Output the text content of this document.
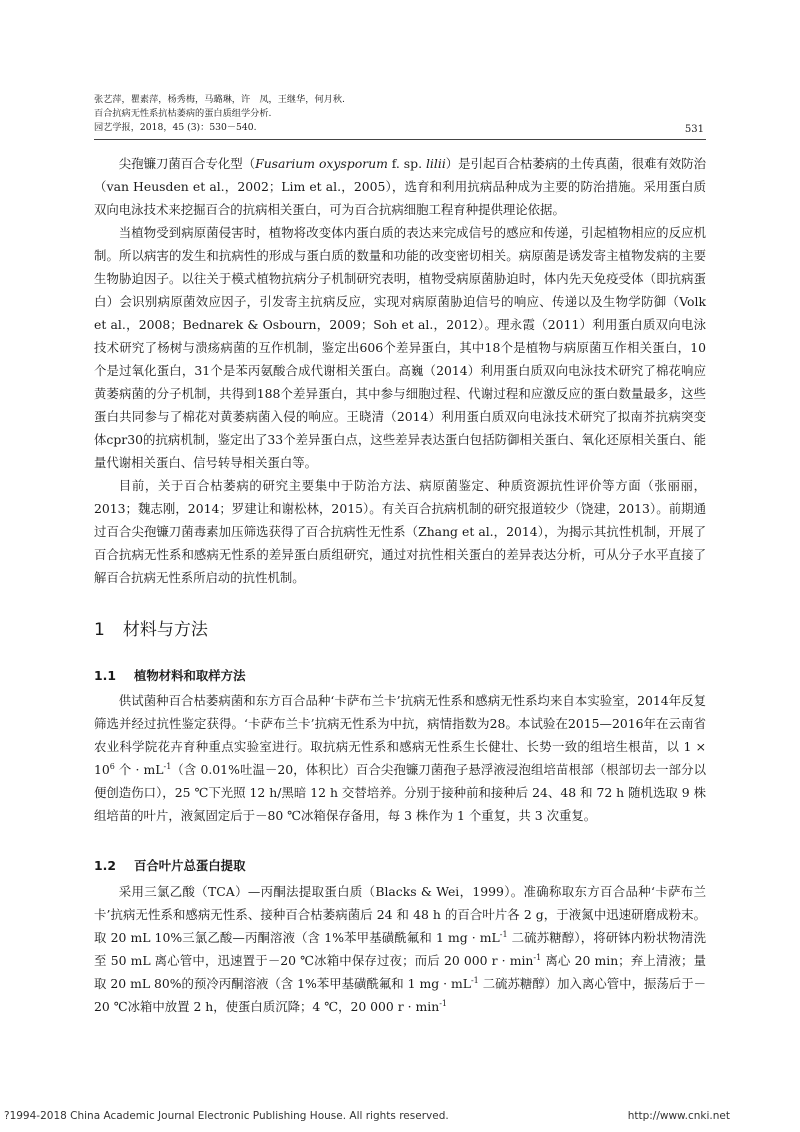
张艺萍，瞿素萍，杨秀梅，马璐琳，许　凤，王继华，何月秋.
百合抗病无性系抗枯萎病的蛋白质组学分析.
园艺学报，2018，45 (3)：530－540.	531

尖孢镰刀菌百合专化型（Fusarium oxysporum f. sp. lilii）是引起百合枯萎病的土传真菌，很难有效防治（van Heusden et al.，2002；Lim et al.，2005），选育和利用抗病品种成为主要的防治措施。采用蛋白质双向电泳技术来挖掘百合的抗病相关蛋白，可为百合抗病细胞工程育种提供理论依据。

当植物受到病原菌侵害时，植物将改变体内蛋白质的表达来完成信号的感应和传递，引起植物相应的反应机制。所以病害的发生和抗病性的形成与蛋白质的数量和功能的改变密切相关。病原菌是诱发寄主植物发病的主要生物胁迫因子。以往关于模式植物抗病分子机制研究表明，植物受病原菌胁迫时，体内先天免疫受体（即抗病蛋白）会识别病原菌效应因子，引发寄主抗病反应，实现对病原菌胁迫信号的响应、传递以及生物学防御（Volk et al.，2008；Bednarek & Osbourn，2009；Soh et al.，2012）。理永霞（2011）利用蛋白质双向电泳技术研究了杨树与溃疡病菌的互作机制，鉴定出606个差异蛋白，其中18个是植物与病原菌互作相关蛋白，10个是过氧化蛋白，31个是苯丙氨酸合成代谢相关蛋白。高巍（2014）利用蛋白质双向电泳技术研究了棉花响应黄萎病菌的分子机制，共得到188个差异蛋白，其中参与细胞过程、代谢过程和应激反应的蛋白数量最多，这些蛋白共同参与了棉花对黄萎病菌入侵的响应。王晓清（2014）利用蛋白质双向电泳技术研究了拟南芥抗病突变体cpr30的抗病机制，鉴定出了33个差异蛋白点，这些差异表达蛋白包括防御相关蛋白、氧化还原相关蛋白、能量代谢相关蛋白、信号转导相关蛋白等。

目前，关于百合枯萎病的研究主要集中于防治方法、病原菌鉴定、种质资源抗性评价等方面（张丽丽，2013；魏志刚，2014；罗建让和谢松林，2015）。有关百合抗病机制的研究报道较少（饶建，2013）。前期通过百合尖孢镰刀菌毒素加压筛选获得了百合抗病性无性系（Zhang et al.，2014），为揭示其抗性机制，开展了百合抗病无性系和感病无性系的差异蛋白质组研究，通过对抗性相关蛋白的差异表达分析，可从分子水平直接了解百合抗病无性系所启动的抗性机制。

1 材料与方法
1.1 植物材料和取样方法

供试菌种百合枯萎病菌和东方百合品种‘卡萨布兰卡’抗病无性系和感病无性系均来自本实验室，2014年反复筛选并经过抗性鉴定获得。‘卡萨布兰卡’抗病无性系为中抗，病情指数为28。本试验在2015—2016年在云南省农业科学院花卉育种重点实验室进行。取抗病无性系和感病无性系生长健壮、长势一致的组培生根苗，以 $1 \times 10^6$ 个 · $mL^{-1}$（含 0.01%吐温－20，体积比）百合尖孢镰刀菌孢子悬浮液浸泡组培苗根部（根部切去一部分以便创造伤口），25 ℃下光照 12 h/黑暗 12 h 交替培养。分别于接种前和接种后 24、48 和 72 h 随机选取 9 株组培苗的叶片，液氮固定后于－80 ℃冰箱保存备用，每 3 株作为 1 个重复，共 3 次重复。

1.2 百合叶片总蛋白提取

采用三氯乙酸（TCA）—丙酮法提取蛋白质（Blacks & Wei，1999）。准确称取东方百合品种‘卡萨布兰卡’抗病无性系和感病无性系、接种百合枯萎病菌后 24 和 48 h 的百合叶片各 2 g，于液氮中迅速研磨成粉末。取 20 mL 10%三氯乙酸—丙酮溶液（含 1%苯甲基磺酰氟和 1 mg · $mL^{-1}$ 二硫苏糖醇），将研钵内粉状物清洗至 50 mL 离心管中，迅速置于－20 ℃冰箱中保存过夜；而后 20 000 $r \cdot \min^{-1}$ 离心 20 min；弃上清液；量取 20 mL 80%的预冷丙酮溶液（含 1%苯甲基磺酰氟和 1 mg · $mL^{-1}$ 二硫苏糖醇）加入离心管中，振荡后于－20 ℃冰箱中放置 2 h，使蛋白质沉降；4 ℃，20 000 $r \cdot \min^{-1}$

?1994-2018 China Academic Journal Electronic Publishing House. All rights reserved.	http://www.cnki.net
